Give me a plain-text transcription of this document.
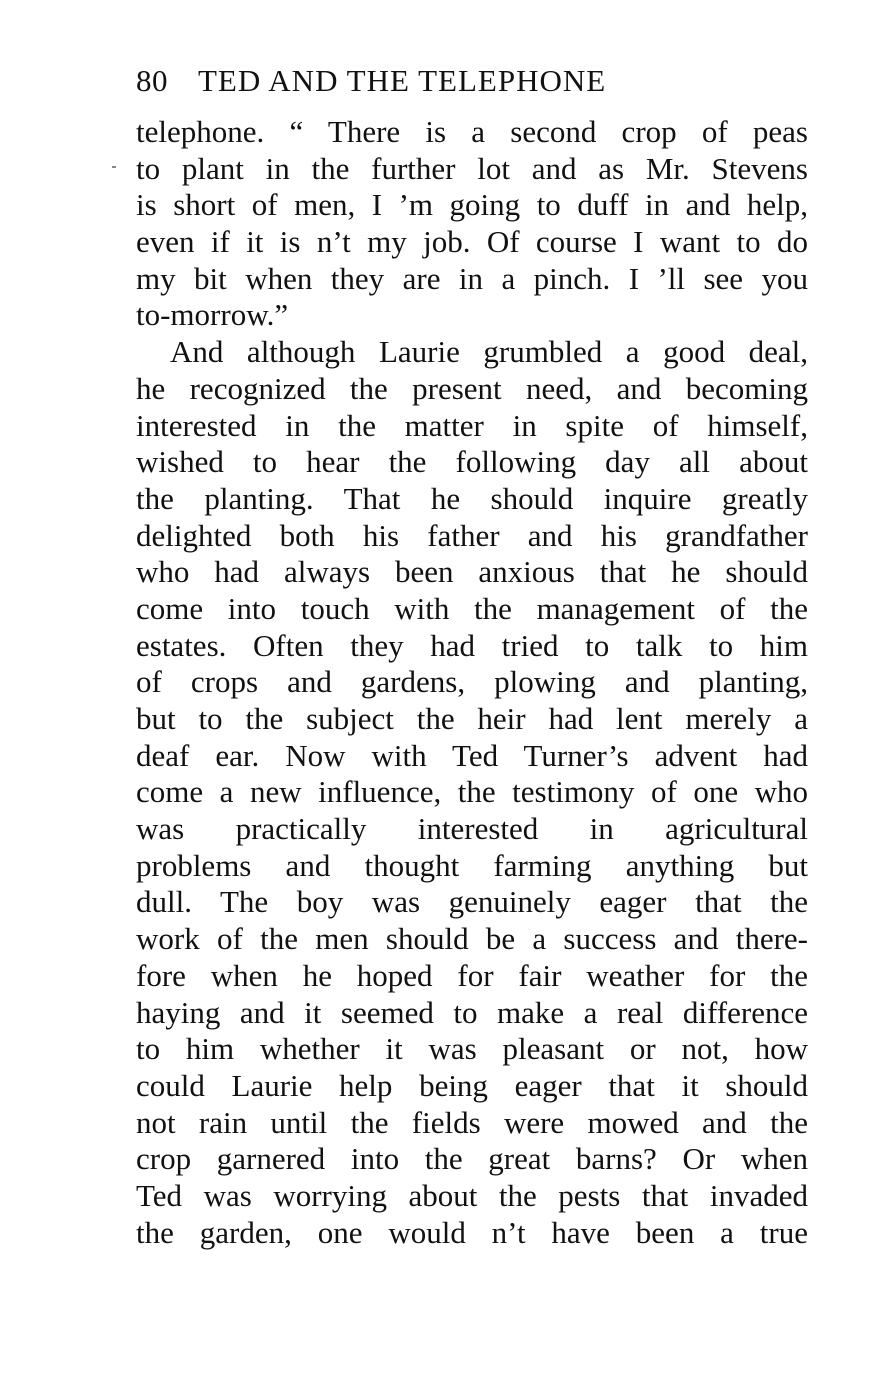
80 TED AND THE TELEPHONE
telephone. “ There is a second crop of peas
to plant in the further lot and as Mr. Stevens
is short of men, I ’m going to duff in and help,
even if it is n’t my job. Of course I want to do
my bit when they are in a pinch. I ’ll see you
to-morrow.”
And although Laurie grumbled a good deal,
he recognized the present need, and becoming
interested in the matter in spite of himself,
wished to hear the following day all about
the planting. That he should inquire greatly
delighted both his father and his grandfather
who had always been anxious that he should
come into touch with the management of the
estates. Often they had tried to talk to him
of crops and gardens, plowing and planting,
but to the subject the heir had lent merely a
deaf ear. Now with Ted Turner’s advent had
come a new influence, the testimony of one who
was practically interested in agricultural
problems and thought farming anything but
dull. The boy was genuinely eager that the
work of the men should be a success and there-
fore when he hoped for fair weather for the
haying and it seemed to make a real difference
to him whether it was pleasant or not, how
could Laurie help being eager that it should
not rain until the fields were mowed and the
crop garnered into the great barns? Or when
Ted was worrying about the pests that invaded
the garden, one would n’t have been a true
